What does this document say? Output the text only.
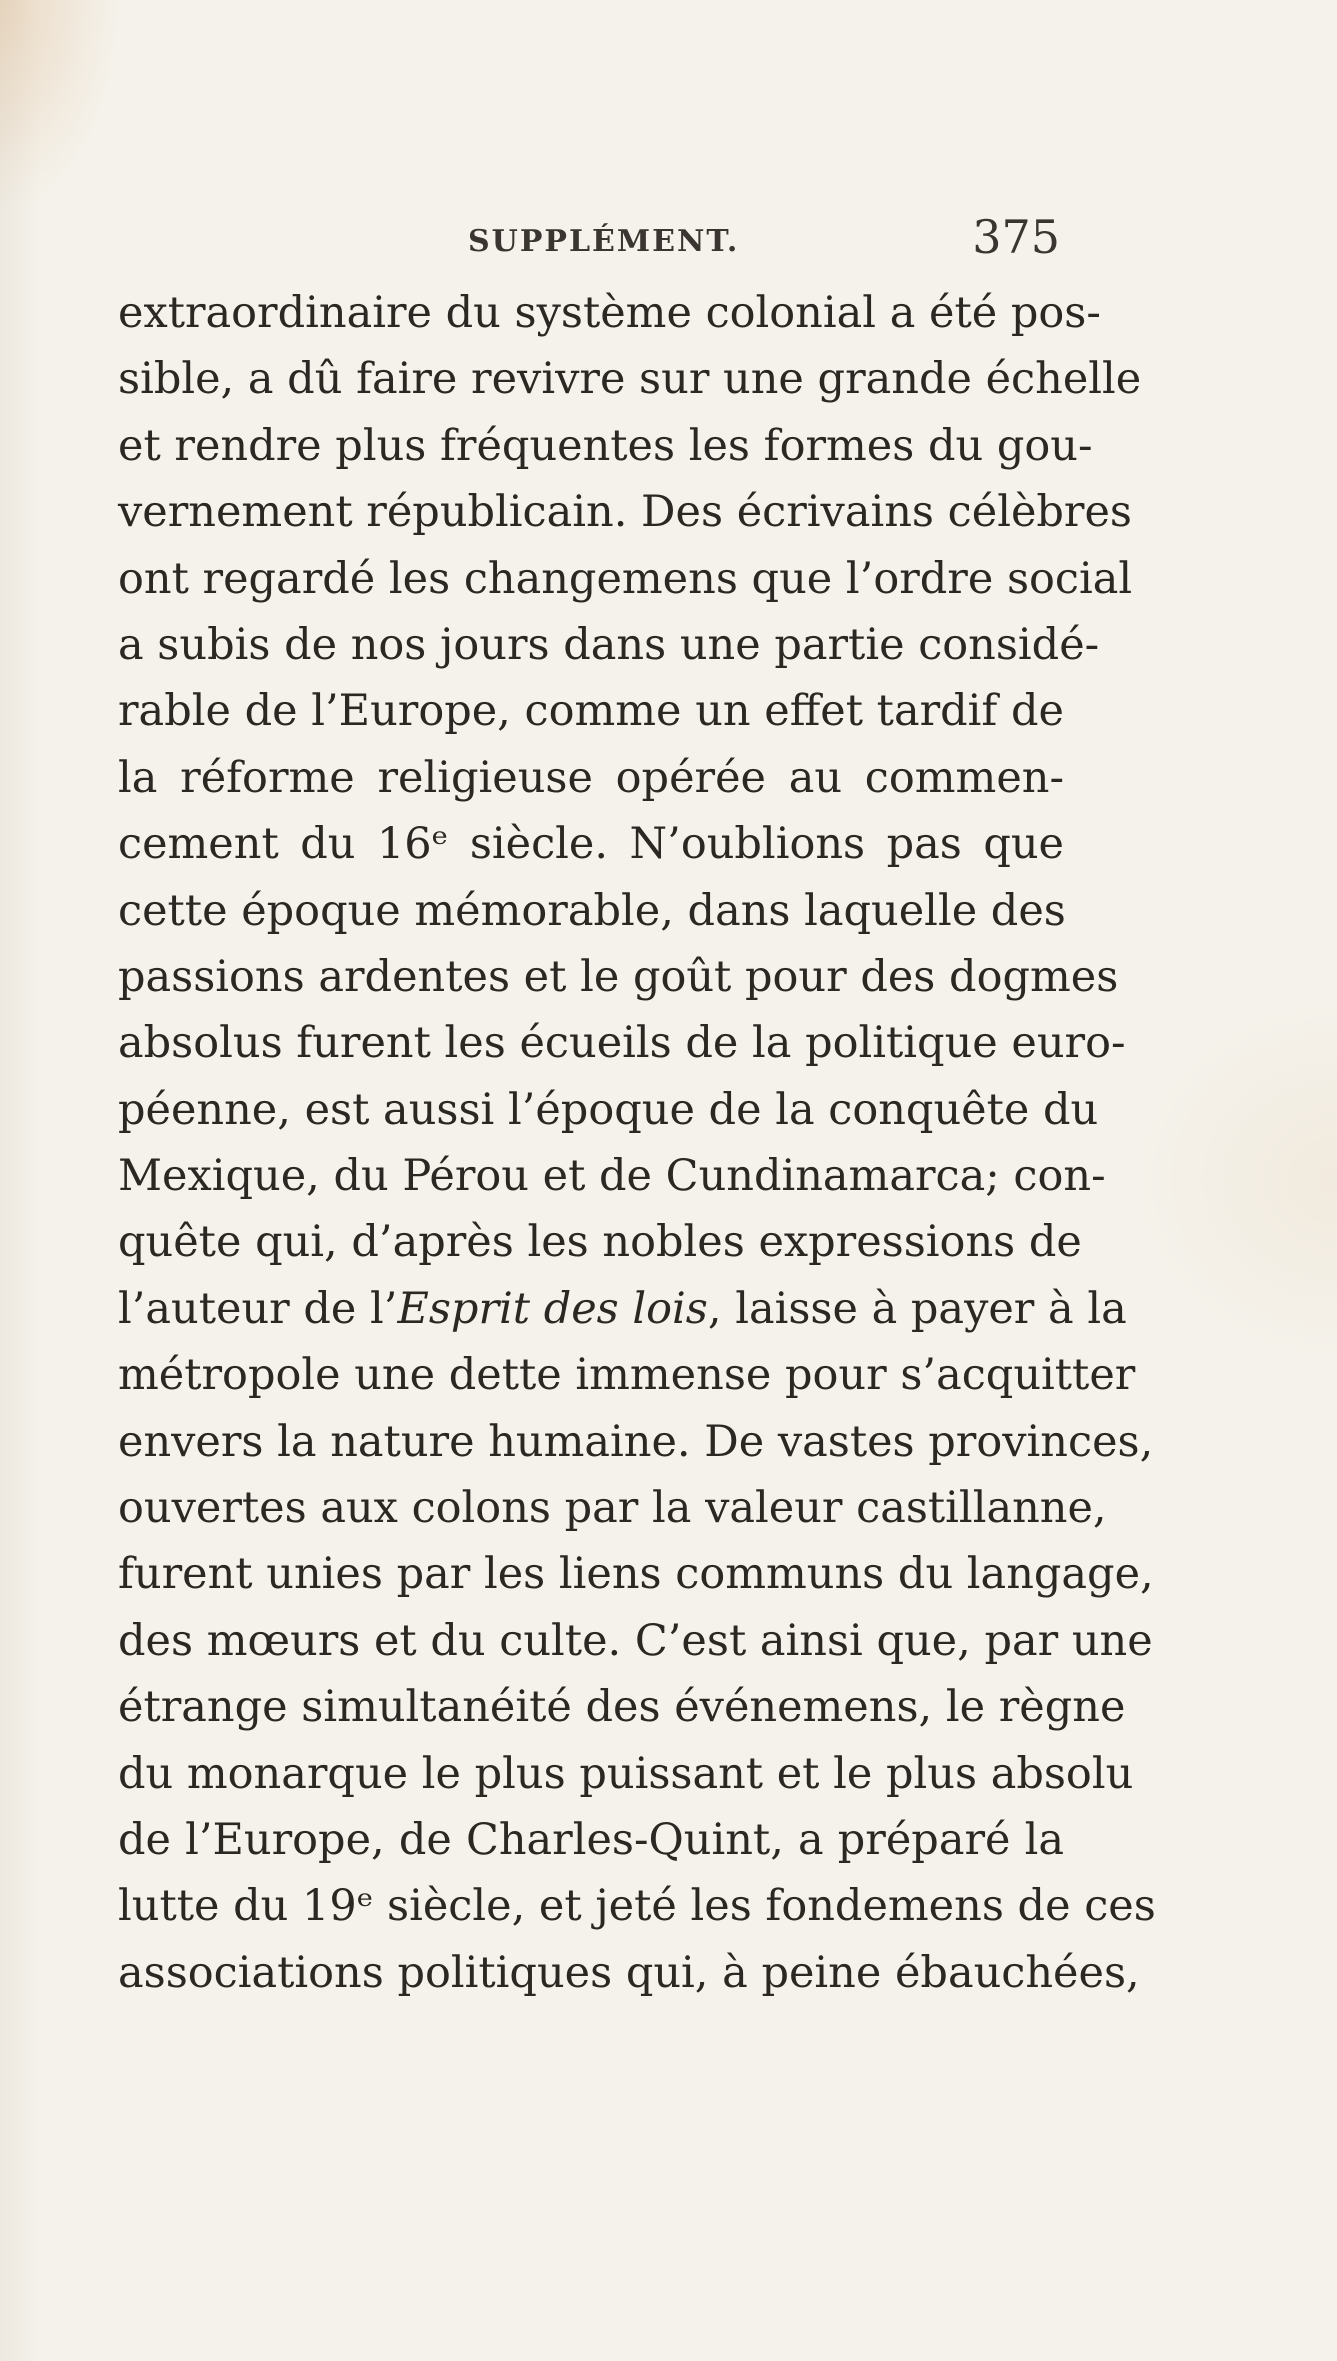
SUPPLÉMENT.	375
extraordinaire du système colonial a été pos-
sible, a dû faire revivre sur une grande échelle
et rendre plus fréquentes les formes du gou-
vernement républicain. Des écrivains célèbres
ont regardé les changemens que l’ordre social
a subis de nos jours dans une partie considé-
rable de l’Europe, comme un effet tardif de
la réforme religieuse opérée au commen-
cement du 16ᵉ siècle. N’oublions pas que
cette époque mémorable, dans laquelle des
passions ardentes et le goût pour des dogmes
absolus furent les écueils de la politique euro-
péenne, est aussi l’époque de la conquête du
Mexique, du Pérou et de Cundinamarca; con-
quête qui, d’après les nobles expressions de
l’auteur de l’Esprit des lois, laisse à payer à la
métropole une dette immense pour s’acquitter
envers la nature humaine. De vastes provinces,
ouvertes aux colons par la valeur castillanne,
furent unies par les liens communs du langage,
des mœurs et du culte. C’est ainsi que, par une
étrange simultanéité des événemens, le règne
du monarque le plus puissant et le plus absolu
de l’Europe, de Charles-Quint, a préparé la
lutte du 19ᵉ siècle, et jeté les fondemens de ces
associations politiques qui, à peine ébauchées,
